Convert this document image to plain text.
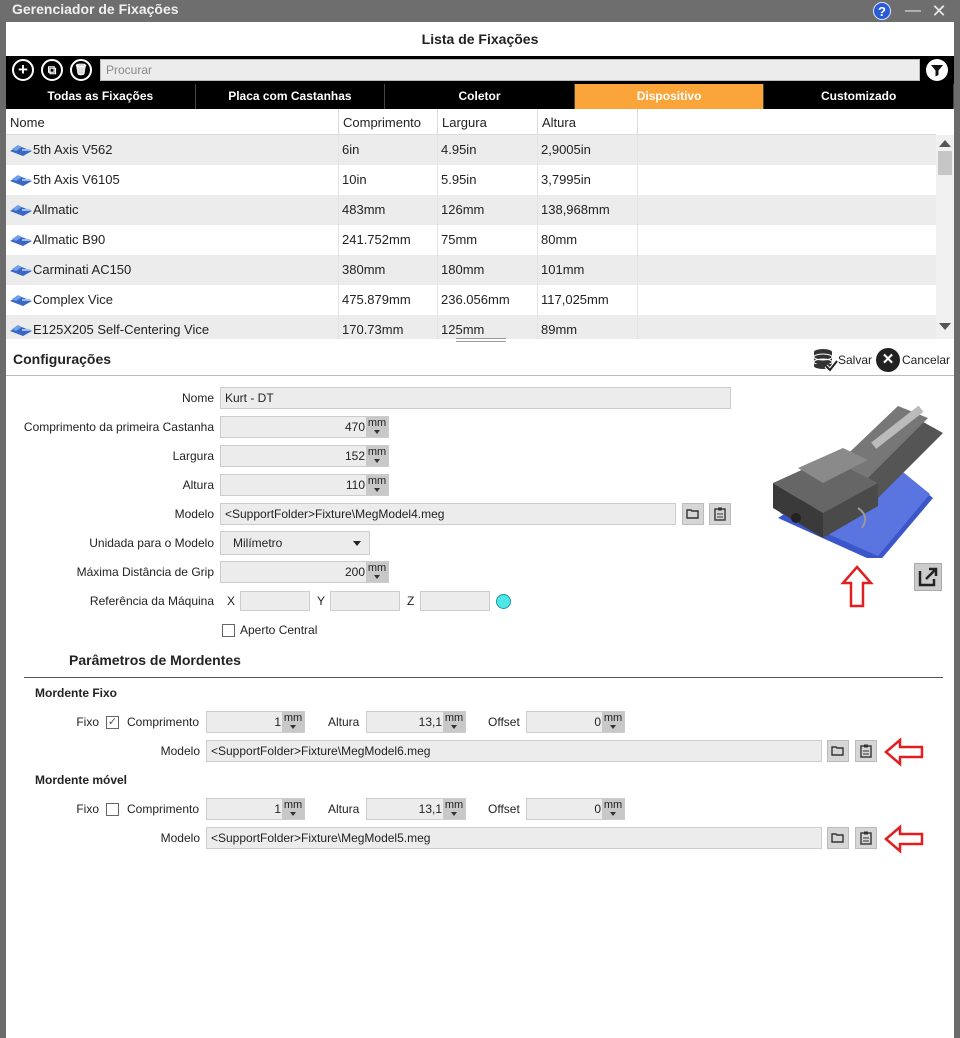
Gerenciador de Fixações	?	— ✕
Lista de Fixações
+	⧉	🗑	Procurar
Todas as Fixações	Placa com Castanhas	Coletor	Dispositivo	Customizado
Nome	Comprimento	Largura	Altura
5th Axis V562	6in	4.95in	2,9005in
5th Axis V6105	10in	5.95in	3,7995in
Allmatic	483mm	126mm	138,968mm
Allmatic B90	241.752mm	75mm	80mm
Carminati AC150	380mm	180mm	101mm
Complex Vice	475.879mm	236.056mm	117,025mm
E125X205 Self-Centering Vice	170.73mm	125mm	89mm
Configurações	Salvar ✕ Cancelar
Nome Kurt - DT
Comprimento da primeira Castanha	470 mm
Largura	152 mm
Altura	110 mm
Modelo <SupportFolder>Fixture\MegModel4.meg
Unidada para o Modelo	Milímetro
Máxima Distância de Grip	200 mm
Referência da Máquina X	Y	Z
Aperto Central
Parâmetros de Mordentes
Mordente Fixo
Fixo ✓ Comprimento	1 mm Altura	13,1 mm Offset	0 mm
Modelo <SupportFolder>Fixture\MegModel6.meg
Mordente móvel
Fixo Comprimento	1 mm Altura	13,1 mm Offset	0 mm
Modelo <SupportFolder>Fixture\MegModel5.meg
